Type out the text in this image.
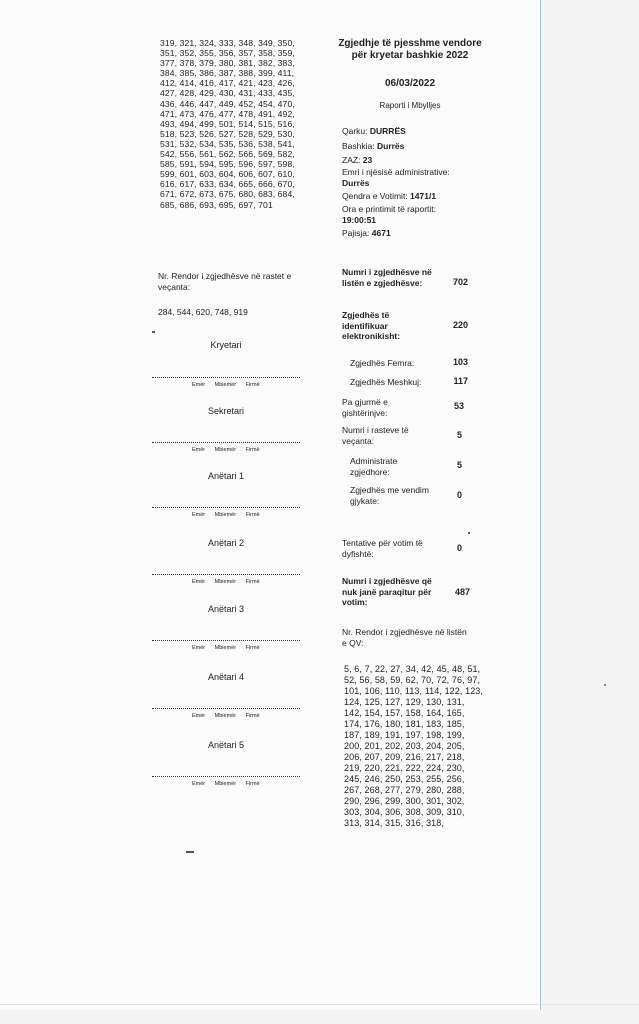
319, 321, 324, 333, 348, 349, 350, 351, 352, 355, 356, 357, 358, 359, 377, 378, 379, 380, 381, 382, 383, 384, 385, 386, 387, 388, 399, 411, 412, 414, 416, 417, 421, 423, 426, 427, 428, 429, 430, 431, 433, 435, 436, 446, 447, 449, 452, 454, 470, 471, 473, 476, 477, 478, 491, 492, 493, 494, 499, 501, 514, 515, 516, 518, 523, 526, 527, 528, 529, 530, 531, 532, 534, 535, 536, 538, 541, 542, 556, 561, 562, 566, 569, 582, 585, 591, 594, 595, 596, 597, 598, 599, 601, 603, 604, 606, 607, 610, 616, 617, 633, 634, 665, 666, 670, 671, 672, 673, 675, 680, 683, 684, 685, 686, 693, 695, 697, 701

Nr. Rendor i zgjedhësve në rastet e veçanta:

284, 544, 620, 748, 919

Kryetari
Emër Mbiemër Firmë
Sekretari
Emër Mbiemër Firmë
Anëtari 1
Emër Mbiemër Firmë
Anëtari 2
Emër Mbiemër Firmë
Anëtari 3
Emër Mbiemër Firmë
Anëtari 4
Emër Mbiemër Firmë
Anëtari 5
Emër Mbiemër Firmë

Zgjedhje të pjesshme vendore për kryetar bashkie 2022

06/03/2022

Raporti i Mbylljes

Qarku: DURRËS
Bashkia: Durrës
ZAZ: 23
Emri i njësisë administrative:
Durrës
Qendra e Votimit: 1471/1
Ora e printimit të raportit:
19:00:51
Pajisja: 4671

Numri i zgjedhësve në listën e zgjedhësve:	702

Zgjedhës të identifikuar elektronikisht:

220

Zgjedhës Femra:	103

Zgjedhës Meshkuj:	117

Pa gjurmë e gishtërinjve:

53

Numri i rasteve të veçanta:

5

Administrate zgjedhore:

5

Zgjedhës me vendim gjykate:

0

Tentative për votim të dyfishtë:

0

Numri i zgjedhësve që nuk janë paraqitur për votim:

487

Nr. Rendor i zgjedhësve në listën e QV:

5, 6, 7, 22, 27, 34, 42, 45, 48, 51, 52, 56, 58, 59, 62, 70, 72, 76, 97, 101, 106, 110, 113, 114, 122, 123, 124, 125, 127, 129, 130, 131, 142, 154, 157, 158, 164, 165, 174, 176, 180, 181, 183, 185, 187, 189, 191, 197, 198, 199, 200, 201, 202, 203, 204, 205, 206, 207, 209, 216, 217, 218, 219, 220, 221, 222, 224, 230, 245, 246, 250, 253, 255, 256, 267, 268, 277, 279, 280, 288, 290, 296, 299, 300, 301, 302, 303, 304, 306, 308, 309, 310, 313, 314, 315, 316, 318,
